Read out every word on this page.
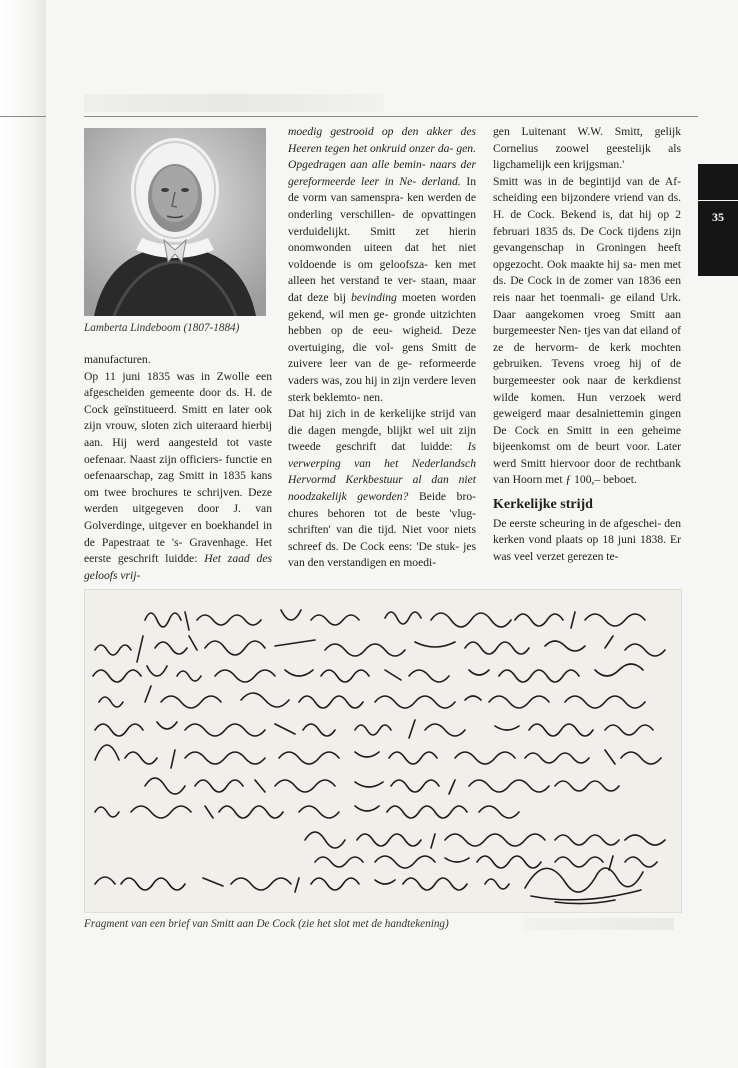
35
Lamberta Lindeboom (1807-1884)

manufacturen.

Op 11 juni 1835 was in Zwolle een afgescheiden gemeente door ds. H. de Cock geïnstitueerd. Smitt en later ook zijn vrouw, sloten zich uiteraard hierbij aan. Hij werd aangesteld tot vaste oefenaar. Naast zijn officiers- functie en oefenaarschap, zag Smitt in 1835 kans om twee brochures te schrijven. Deze werden uitgegeven door J. van Golverdinge, uitgever en boekhandel in de Papestraat te 's- Gravenhage. Het eerste geschrift luidde: Het zaad des geloofs vrij-

moedig gestrooid op den akker des Heeren tegen het onkruid onzer da- gen. Opgedragen aan alle bemin- naars der gereformeerde leer in Ne- derland. In de vorm van samenspra- ken werden de onderling verschillen- de opvattingen verduidelijkt. Smitt zet hierin onomwonden uiteen dat het niet voldoende is om geloofsza- ken met alleen het verstand te ver- staan, maar dat deze bij bevinding moeten worden gekend, wil men ge- gronde uitzichten hebben op de eeu- wigheid. Deze overtuiging, die vol- gens Smitt de zuivere leer van de ge- reformeerde vaders was, zou hij in zijn verdere leven sterk beklemto- nen.

Dat hij zich in de kerkelijke strijd van die dagen mengde, blijkt wel uit zijn tweede geschrift dat luidde: Is verwerping van het Nederlandsch Hervormd Kerkbestuur al dan niet noodzakelijk geworden? Beide bro- chures behoren tot de beste 'vlug- schriften' van die tijd. Niet voor niets schreef ds. De Cock eens: 'De stuk- jes van den verstandigen en moedi-

gen Luitenant W.W. Smitt, gelijk Cornelius zoowel geestelijk als ligchamelijk een krijgsman.'

Smitt was in de begintijd van de Af- scheiding een bijzondere vriend van ds. H. de Cock. Bekend is, dat hij op 2 februari 1835 ds. De Cock tijdens zijn gevangenschap in Groningen heeft opgezocht. Ook maakte hij sa- men met ds. De Cock in de zomer van 1836 een reis naar het toenmali- ge eiland Urk. Daar aangekomen vroeg Smitt aan burgemeester Nen- tjes van dat eiland of ze de hervorm- de kerk mochten gebruiken. Tevens vroeg hij of de burgemeester ook naar de kerkdienst wilde komen. Hun verzoek werd geweigerd maar desalniettemin gingen De Cock en Smitt in een geheime bijeenkomst om de beurt voor. Later werd Smitt hiervoor door de rechtbank van Hoorn met ƒ 100,– beboet.

Kerkelijke strijd

De eerste scheuring in de afgeschei- den kerken vond plaats op 18 juni 1838. Er was veel verzet gerezen te-

Fragment van een brief van Smitt aan De Cock (zie het slot met de handtekening)
